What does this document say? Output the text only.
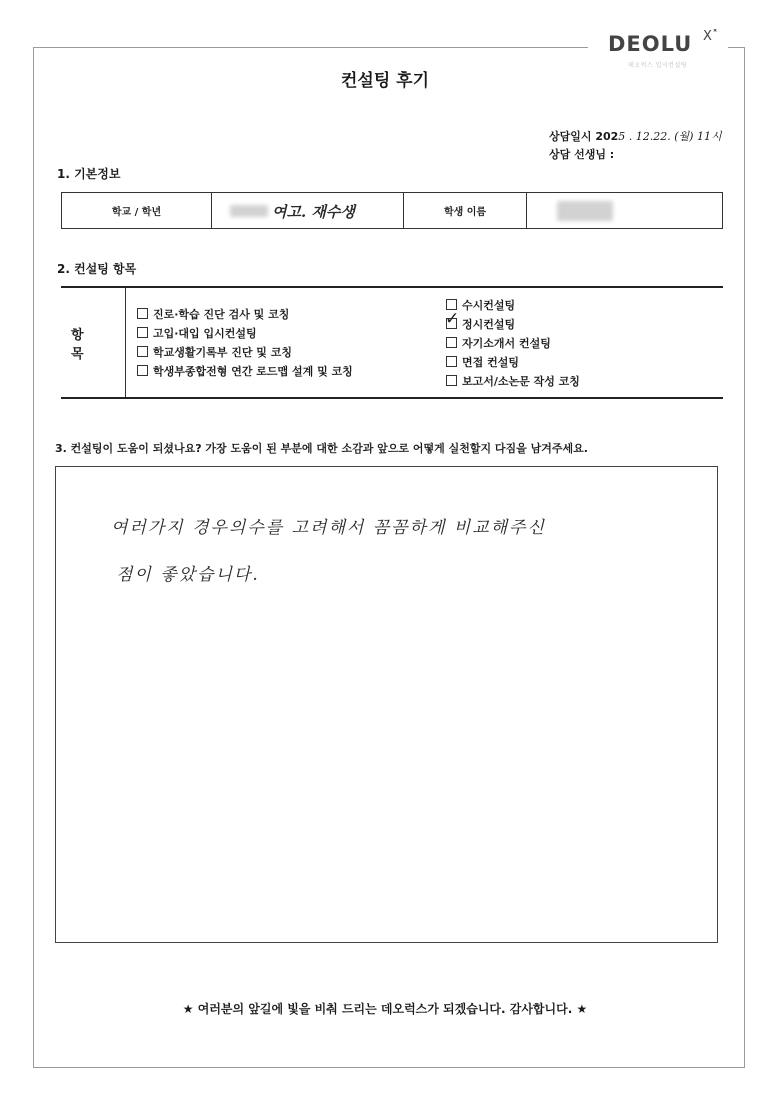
DEOLU X˟
데오럭스 입시컨설팅
컨설팅 후기
상담일시 2025 . 12.22. (월) 11시
상담 선생님 :
1. 기본정보
학교 / 학년	여고. 재수생	학생 이름
2. 컨설팅 항목
항 목
진로·학습 진단 검사 및 코칭
고입·대입 입시컨설팅
학교생활기록부 진단 및 코칭
학생부종합전형 연간 로드맵 설계 및 코칭
수시컨설팅
✓ 정시컨설팅
자기소개서 컨설팅
면접 컨설팅
보고서/소논문 작성 코칭
3. 컨설팅이 도움이 되셨나요? 가장 도움이 된 부분에 대한 소감과 앞으로 어떻게 실천할지 다짐을 남겨주세요.
여러가지 경우의수를 고려해서 꼼꼼하게 비교해주신
점이 좋았습니다.
★ 여러분의 앞길에 빛을 비춰 드리는 데오럭스가 되겠습니다. 감사합니다. ★
